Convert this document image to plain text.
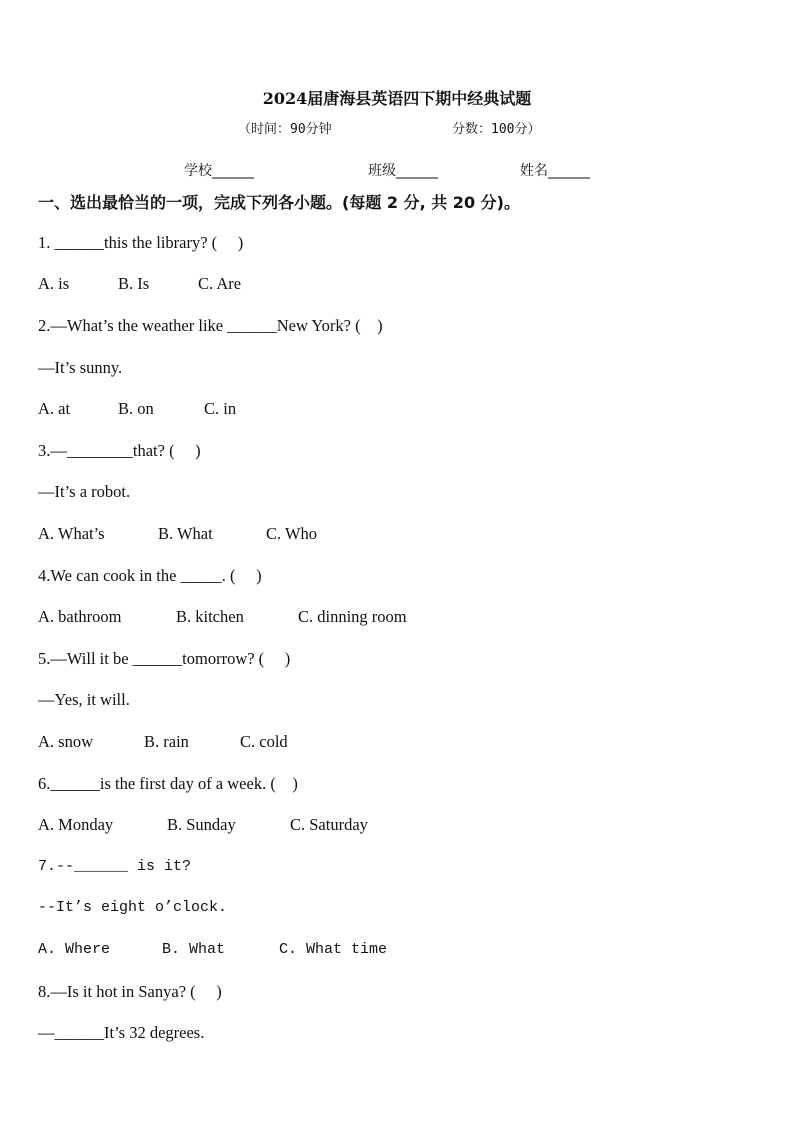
2024届唐海县英语四下期中经典试题
（时间：90分钟	分数：100分）
学校______	班级______	姓名______
一、选出最恰当的一项，完成下列各小题。(每题 2 分, 共 20 分)。
1. ______this the library? (     )
A. is	B. Is	C. Are
2.—What’s the weather like ______New York? (    )
—It’s sunny.
A. at	B. on	C. in
3.—________that? (     )
—It’s a robot.
A. What’s	B. What	C. Who
4.We can cook in the _____. (     )
A. bathroom	B. kitchen	C. dinning room
5.—Will it be ______tomorrow? (     )
—Yes, it will.
A. snow	B. rain	C. cold
6.______is the first day of a week. (    )
A. Monday	B. Sunday	C. Saturday
7.--______ is it?
--It’s eight o’clock.
A. Where	B. What	C. What time
8.—Is it hot in Sanya? (     )
—______It’s 32 degrees.
